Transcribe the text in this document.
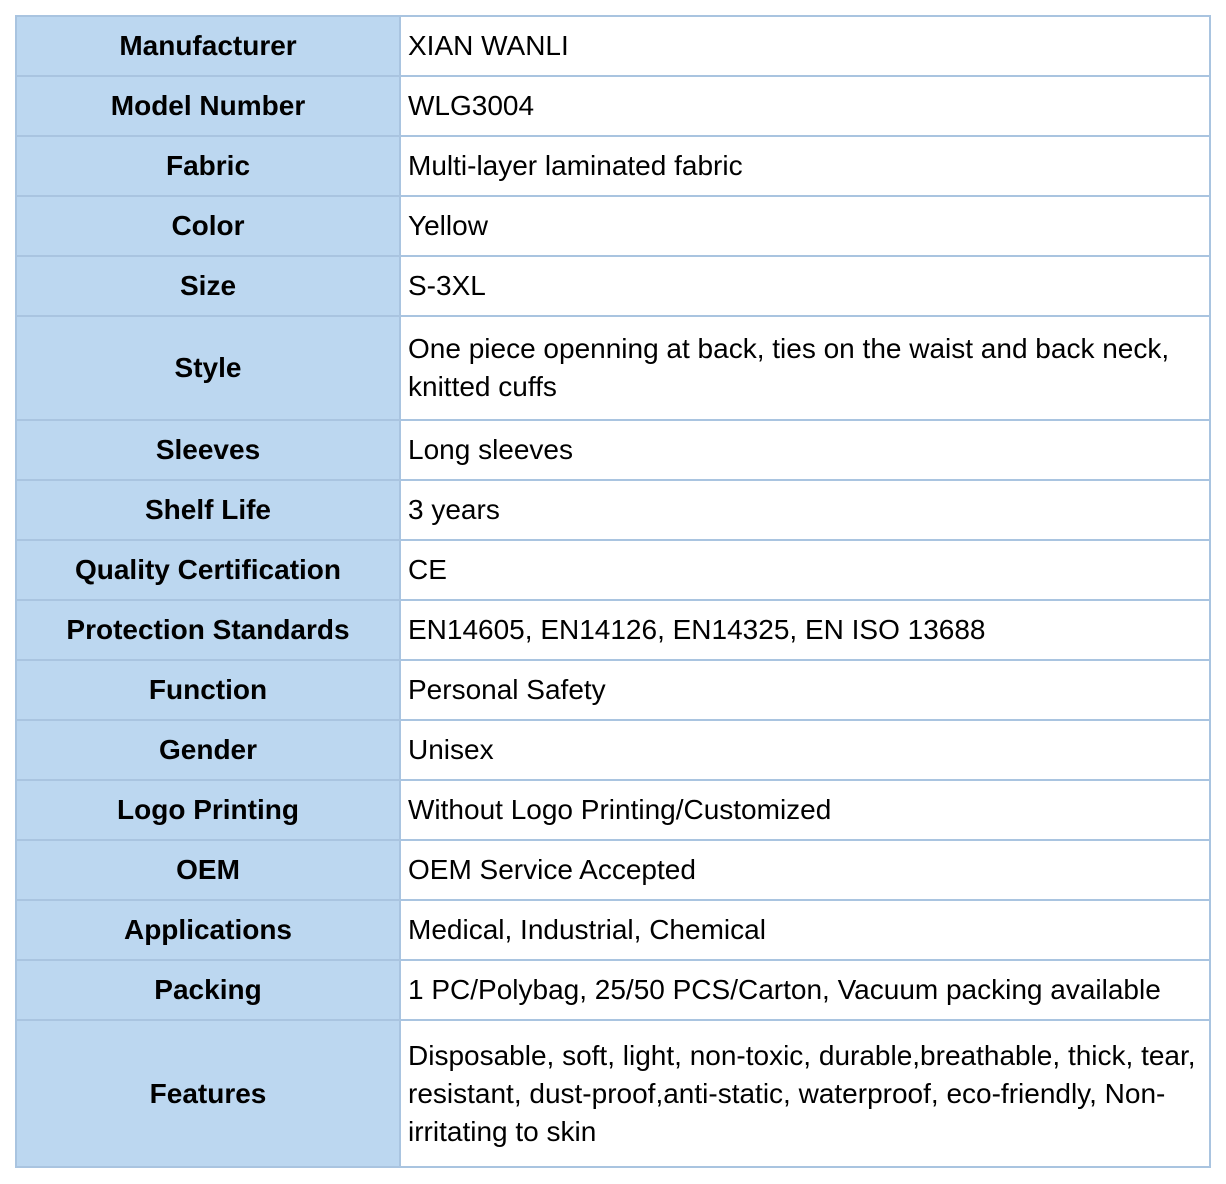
Manufacturer	XIAN WANLI
Model Number	WLG3004
Fabric	Multi-layer laminated fabric
Color	Yellow
Size	S-3XL
Style	One piece openning at back, ties on the waist and back neck, knitted cuffs
Sleeves	Long sleeves
Shelf Life	3 years
Quality Certification	CE
Protection Standards	EN14605, EN14126, EN14325, EN ISO 13688
Function	Personal Safety
Gender	Unisex
Logo Printing	Without Logo Printing/Customized
OEM	OEM Service Accepted
Applications	Medical, Industrial, Chemical
Packing	1 PC/Polybag, 25/50 PCS/Carton, Vacuum packing available
Features	Disposable, soft, light, non-toxic, durable,breathable, thick, tear, resistant, dust-proof,anti-static, waterproof, eco-friendly, Non-irritating to skin
